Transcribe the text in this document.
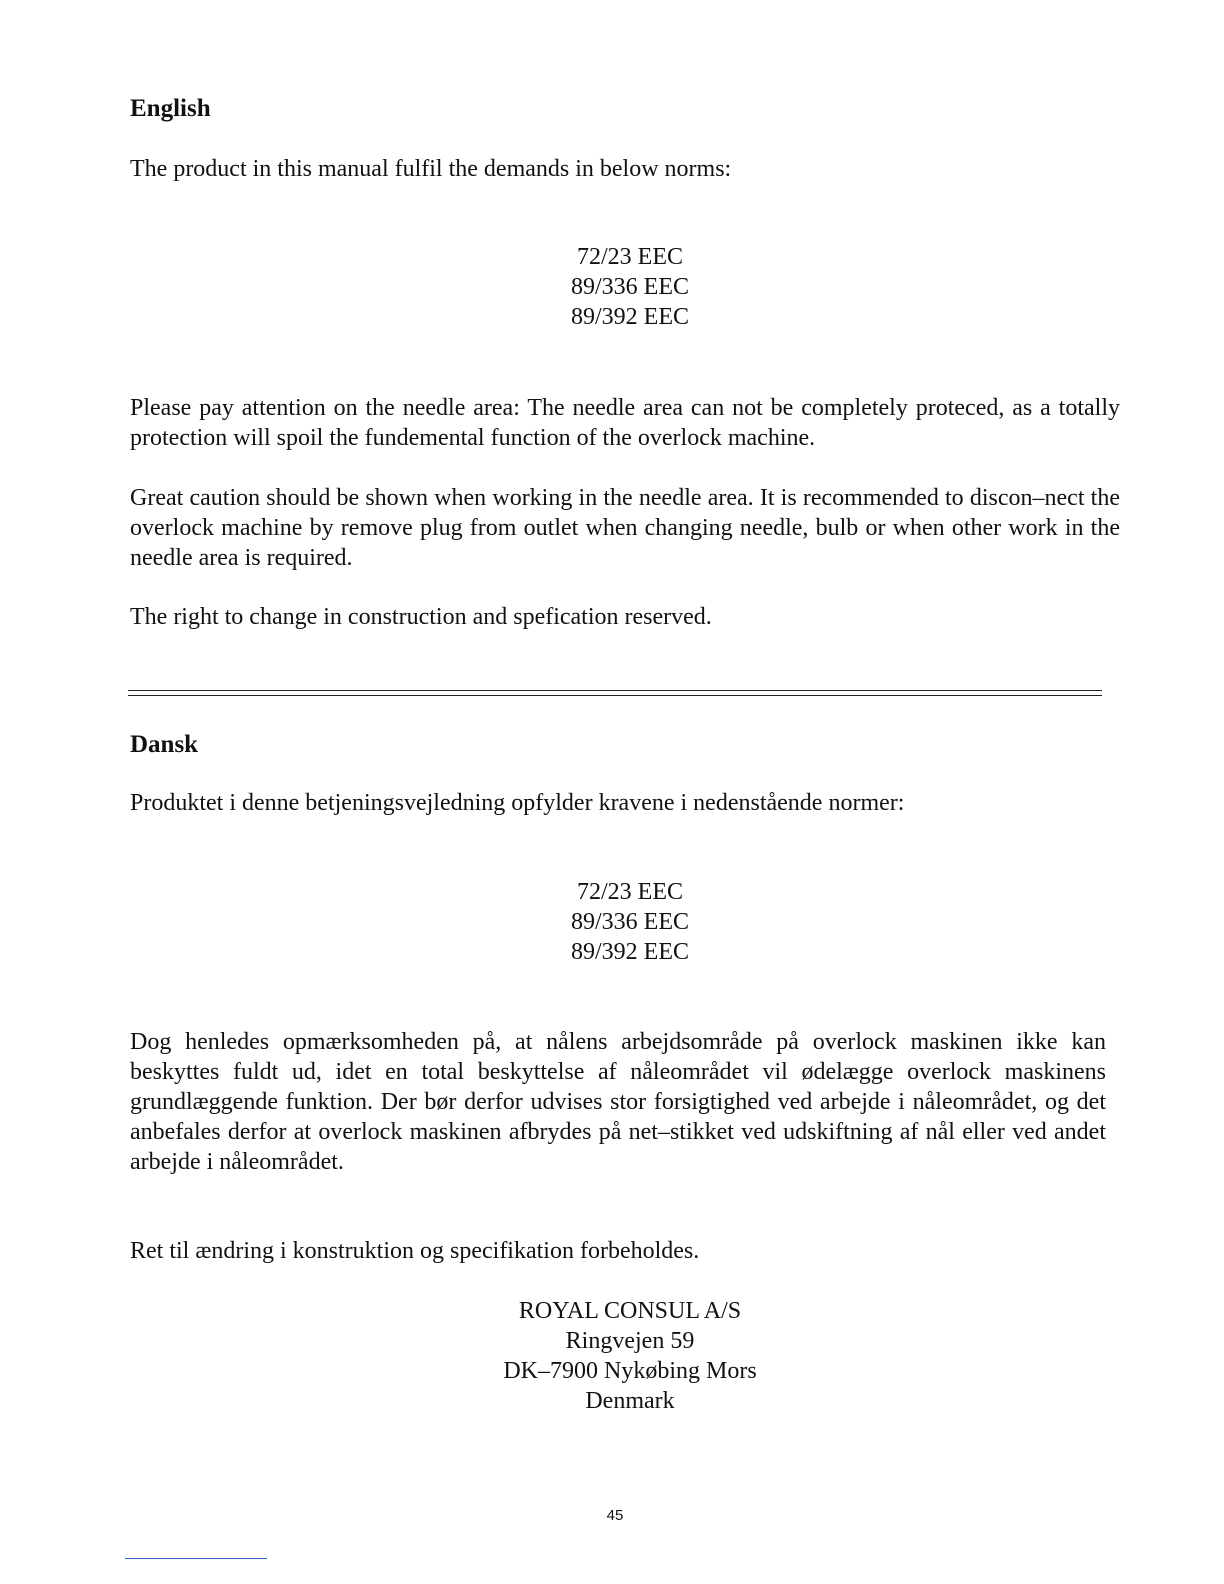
English

The product in this manual fulfil the demands in below norms:

72/23 EEC
89/336 EEC
89/392 EEC

Please pay attention on the needle area: The needle area can not be completely proteced, as a totally protection will spoil the fundemental function of the overlock machine.

Great caution should be shown when working in the needle area. It is recommended to discon–nect the overlock machine by remove plug from outlet when changing needle, bulb or when other work in the needle area is required.

The right to change in construction and spefication reserved.

Dansk

Produktet i denne betjeningsvejledning opfylder kravene i nedenstående normer:

72/23 EEC
89/336 EEC
89/392 EEC

Dog henledes opmærksomheden på, at nålens arbejdsområde på overlock maskinen ikke kan beskyttes fuldt ud, idet en total beskyttelse af nåleområdet vil ødelægge overlock maskinens grundlæggende funktion. Der bør derfor udvises stor forsigtighed ved arbejde i nåleområdet, og det anbefales derfor at overlock maskinen afbrydes på net–stikket ved udskiftning af nål eller ved andet arbejde i nåleområdet.

Ret til ændring i konstruktion og specifikation forbeholdes.

ROYAL CONSUL A/S
Ringvejen 59
DK–7900 Nykøbing Mors
Denmark
45
